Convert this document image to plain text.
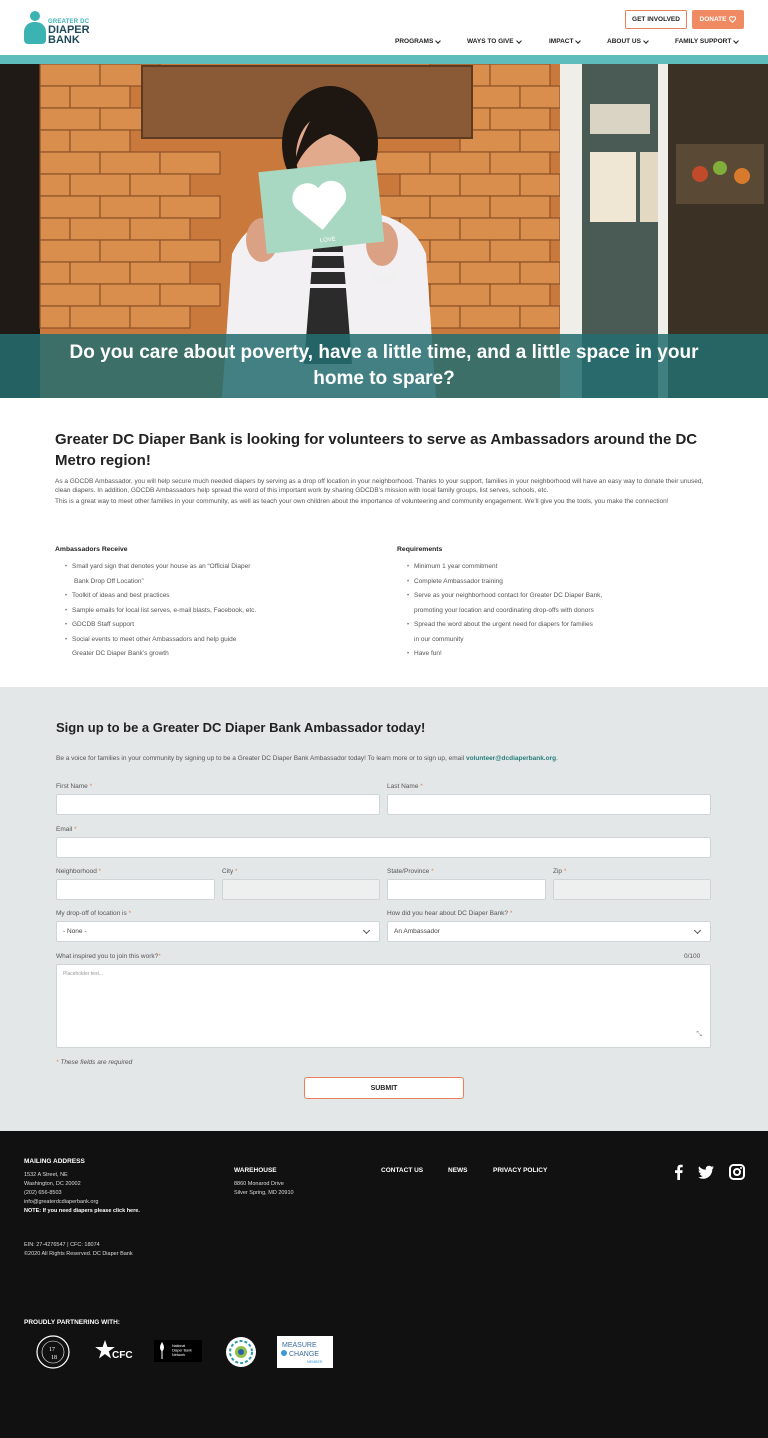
GREATER DC
DIAPER
BANK
GET INVOLVED	DONATE
PROGRAMS	WAYS TO GIVE	IMPACT	ABOUT US	FAMILY SUPPORT
LOVE
Do you care about poverty, have a little time, and a little space in your home to spare?
Greater DC Diaper Bank is looking for volunteers to serve as Ambassadors around the DC Metro region!

As a GDCDB Ambassador, you will help secure much needed diapers by serving as a drop off location in your neighborhood. Thanks to your support, families in your neighborhood will have an easy way to donate their unused, clean diapers. In addition, GDCDB Ambassadors help spread the word of this important work by sharing GDCDB’s mission with local family groups, list serves, schools, etc.

This is a great way to meet other families in your community, as well as teach your own children about the importance of volunteering and community engagement. We’ll give you the tools, you make the connection!

Ambassadors Receive
• Small yard sign that denotes your house as an “Official Diaper
Bank Drop Off Location”
• Toolkit of ideas and best practices
• Sample emails for local list serves, e-mail blasts, Facebook, etc.
• GDCDB Staff support
• Social events to meet other Ambassadors and help guide
Greater DC Diaper Bank’s growth
Requirements
• Minimum 1 year commitment
• Complete Ambassador training
• Serve as your neighborhood contact for Greater DC Diaper Bank,
promoting your location and coordinating drop-offs with donors
• Spread the word about the urgent need for diapers for families
in our community
• Have fun!
Sign up to be a Greater DC Diaper Bank Ambassador today!
Be a voice for families in your community by signing up to be a Greater DC Diaper Bank Ambassador today! To learn more or to sign up, email volunteer@dcdiaperbank.org.
First Name *	Last Name *
Email *
Neighborhood *	City *	State/Province *	Zip *
My drop-off of location is *
- None -
How did you hear about DC Diaper Bank? *
An Ambassador
What inspired you to join this work?*	0/100
Placeholder text...
⤡
* These fields are required
SUBMIT
MAILING ADDRESS
1532 A Street, NE
Washington, DC 20002
(202) 656-8503
info@greaterdcdiaperbank.org
NOTE: If you need diapers please click here.
WAREHOUSE
8860 Monarod Drive
Silver Spring, MD 20910
CONTACT US	NEWS	PRIVACY POLICY
EIN: 27-4276547 | CFC: 18074
©2020 All Rights Reserved. DC Diaper Bank
PROUDLY PARTNERING WITH:
17
18	CFC
National
Diaper Bank
Network
MEASURE
CHANGE
MEMBER
